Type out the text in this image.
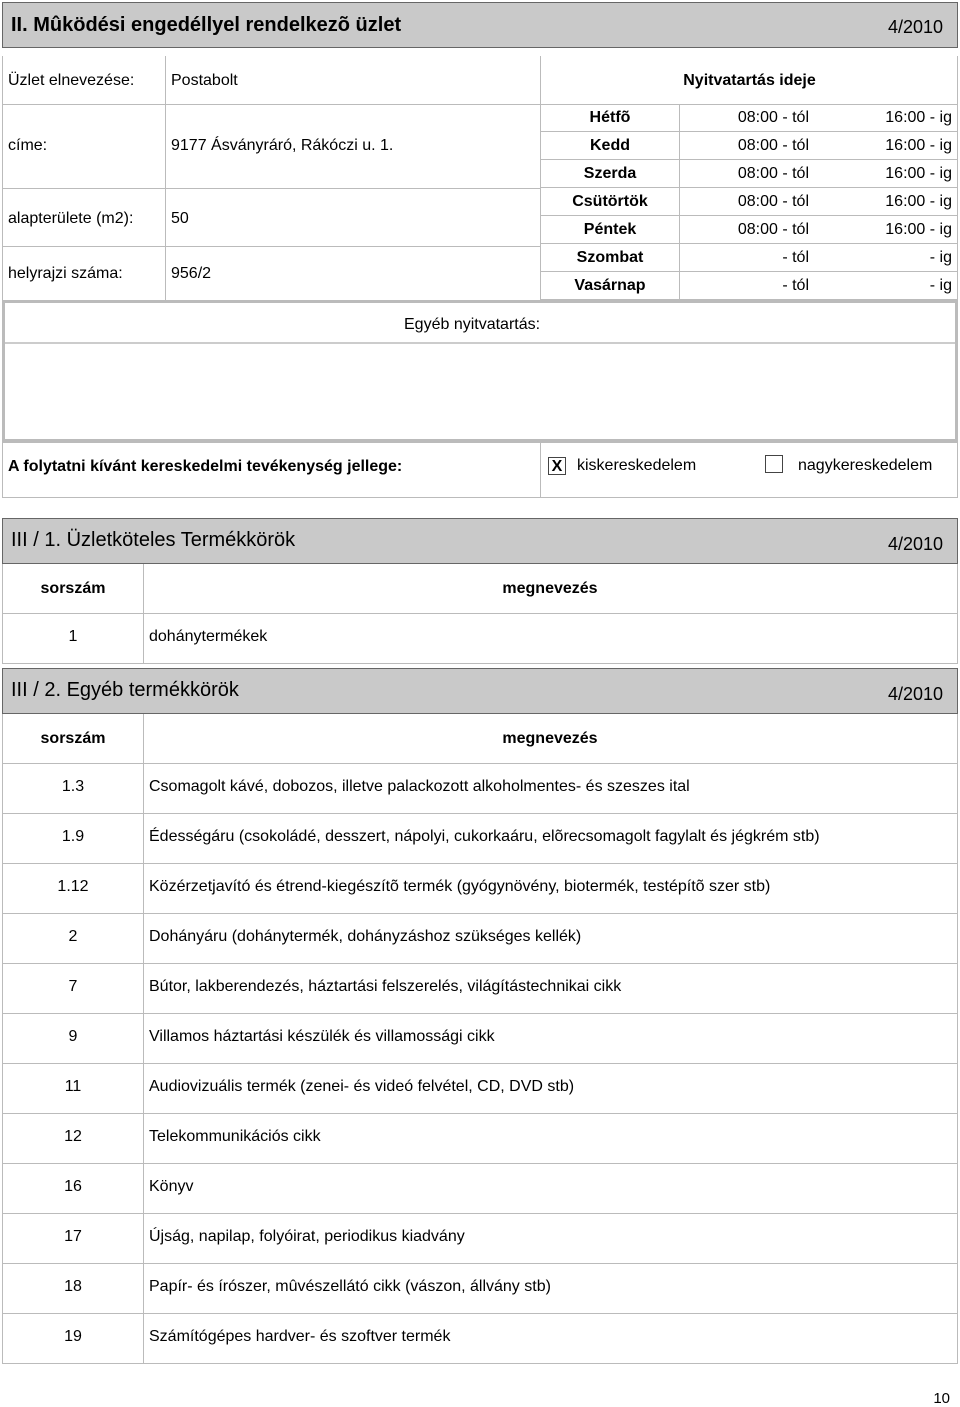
II. Mûködési engedéllyel rendelkezõ üzlet	4/2010
Üzlet elnevezése: Postabolt
címe:	9177 Ásványráró, Rákóczi u. 1.
alapterülete (m2): 50
helyrajzi száma:	956/2
Nyitvatartás ideje
Hétfõ	08:00 - tól	16:00 - ig
Kedd	08:00 - tól	16:00 - ig
Szerda	08:00 - tól	16:00 - ig
Csütörtök	08:00 - tól	16:00 - ig
Péntek	08:00 - tól	16:00 - ig
Szombat	- tól	- ig
Vasárnap	- tól	- ig
Egyéb nyitvatartás:
A folytatni kívánt kereskedelmi tevékenység jellege:	X kiskereskedelem	nagykereskedelem
III / 1. Üzletköteles Termékkörök	4/2010
sorszám	megnevezés
1	dohánytermékek
III / 2. Egyéb termékkörök	4/2010
sorszám	megnevezés
1.3	Csomagolt kávé, dobozos, illetve palackozott alkoholmentes- és szeszes ital
1.9	Édességáru (csokoládé, desszert, nápolyi, cukorkaáru, elõrecsomagolt fagylalt és jégkrém stb)
1.12	Közérzetjavító és étrend-kiegészítõ termék (gyógynövény, biotermék, testépítõ szer stb)
2	Dohányáru (dohánytermék, dohányzáshoz szükséges kellék)
7	Bútor, lakberendezés, háztartási felszerelés, világítástechnikai cikk
9	Villamos háztartási készülék és villamossági cikk
11	Audiovizuális termék (zenei- és videó felvétel, CD, DVD stb)
12	Telekommunikációs cikk
16	Könyv
17	Újság, napilap, folyóirat, periodikus kiadvány
18	Papír- és írószer, mûvészellátó cikk (vászon, állvány stb)
19	Számítógépes hardver- és szoftver termék
10
